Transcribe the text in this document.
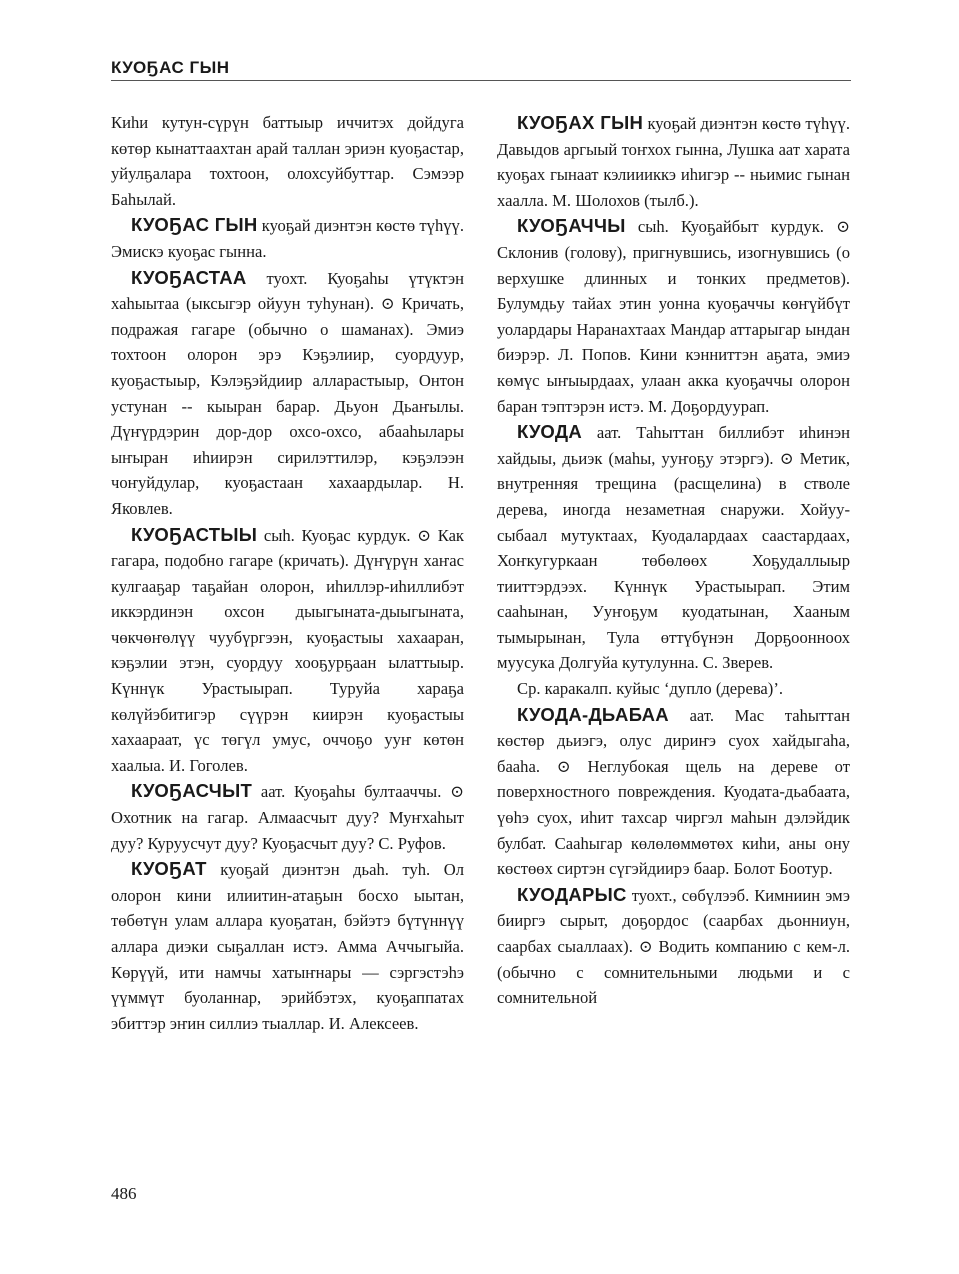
КУОҔАС ГЫН

Киһи кутун-сүрүн баттыыр иччитэх дойдуга көтөр кынаттаахтан арай таллан эриэн куоҕастар, уйулҕалара тохтоон, олохсуйбуттар. Сэмээр Баһылай.

КУОҔАС ГЫН куоҕай диэнтэн көстө түһүү. Эмискэ куоҕас гынна.

КУОҔАСТАА туохт. Куоҕаһы үтүктэн хаһыытаа (ыксыгэр ойуун туһунан). ⊙ Кричать, подражая гагаре (обычно о шаманах). Эмиэ тохтоон олорон эрэ Кэҕэлиир, суордуур, куоҕастыыр, Кэлэҕэйдиир алларастыыр, Онтон устунан -- кыыран барар. Дьуон Дьаҥылы. Дүҥүрдэрин дор-дор охсо-охсо, абааһылары ыҥыран иһиирэн сирилэттилэр, кэҕэлээн чоҥуйдулар, куоҕастаан хахаардылар. Н. Яковлев.

КУОҔАСТЫЫ сыһ. Куоҕас курдук. ⊙ Как гагара, подобно гагаре (кричать). Дүҥүрүн хаҥас кулгааҕар таҕайан олорон, иһиллэр-иһиллибэт иккэрдинэн охсон дыыгыната-дыыгыната, чөкчөҥөлүү чуубүргээн, куоҕастыы хахааран, кэҕэлии этэн, суордуу хооҕурҕаан ылаттыыр. Күннүк Урастыырап. Туруйа хараҕа көлүйэбитигэр сүүрэн киирэн куоҕастыы хахаараат, үс төгүл умус, оччоҕо ууҥ көтөн хаалыа. И. Гоголев.

КУОҔАСЧЫТ аат. Куоҕаһы бултааччы. ⊙ Охотник на гагар. Алмаасчыт дуу? Муҥхаһыт дуу? Куруусчут дуу? Куоҕасчыт дуу? С. Руфов.

КУОҔАТ куоҕай диэнтэн дьаһ. туһ. Ол олорон кини илиитин-атаҕын босхо ыытан, төбөтүн улам аллара куоҕатан, бэйэтэ бүтүннүү аллара диэки сыҕаллан истэ. Амма Аччыгыйа. Көрүүй, ити намчы хатыҥнары — сэргэстэһэ үүммүт буоланнар, эрийбэтэх, куоҕаппатах эбиттэр эҥин силлиэ тыаллар. И. Алексеев.

КУОҔАХ ГЫН куоҕай диэнтэн көстө түһүү. Давыдов аргыый тоҥхох гынна, Лушка аат харата куоҕах гынаат кэлиииккэ иһигэр -- ньимис гынан хаалла. М. Шолохов (тылб.).

КУОҔАЧЧЫ сыһ. Куоҕайбыт курдук. ⊙ Склонив (голову), пригнувшись, изогнувшись (о верхушке длинных и тонких предметов). Булумдьу тайах этин уонна куоҕаччы көҥүйбүт уолардары Наранахтаах Мандар аттарыгар ындан биэрэр. Л. Попов. Кини кэнниттэн аҕата, эмиэ көмүс ыҥыырдаах, улаан акка куоҕаччы олорон баран тэптэрэн истэ. М. Доҕордуурап.

КУОДА аат. Таһыттан биллибэт иһинэн хайдыы, дьиэк (маһы, ууҥоҕу этэргэ). ⊙ Метик, внутренняя трещина (расщелина) в стволе дерева, иногда незаметная снаружи. Хойуу-сыбаал мутуктаах, Куодалардаах саастардаах, Хоҥкугуркаан төбөлөөх Хоҕудаллыыр тииттэрдээх. Күннүк Урастыырап. Этим сааһынан, Ууҥоҕум куодатынан, Хааным тымырынан, Тула өттүбүнэн Дорҕоонноох муусука Долгуйа кутулунна. С. Зверев.

Ср. каракалп. куйыс ‘дупло (дерева)’.

КУОДА-ДЬАБАА аат. Мас таһыттан көстөр дьиэгэ, олус дириҥэ суох хайдыгаһа, бааһа. ⊙ Неглубокая щель на дереве от поверхностного повреждения. Куодата-дьабаата, үөһэ суох, иһит тахсар чиргэл маһын дэлэйдик булбат. Сааһыгар көлөлөммөтөх киһи, аны ону көстөөх сиртэн сүгэйдиирэ баар. Болот Боотур.

КУОДАРЫС туохт., сөбүлээб. Кимниин эмэ бииргэ сырыт, доҕордос (саарбах дьонниун, саарбах сыаллаах). ⊙ Водить компанию с кем-л. (обычно с сомнительными людьми и с сомнительной

486
